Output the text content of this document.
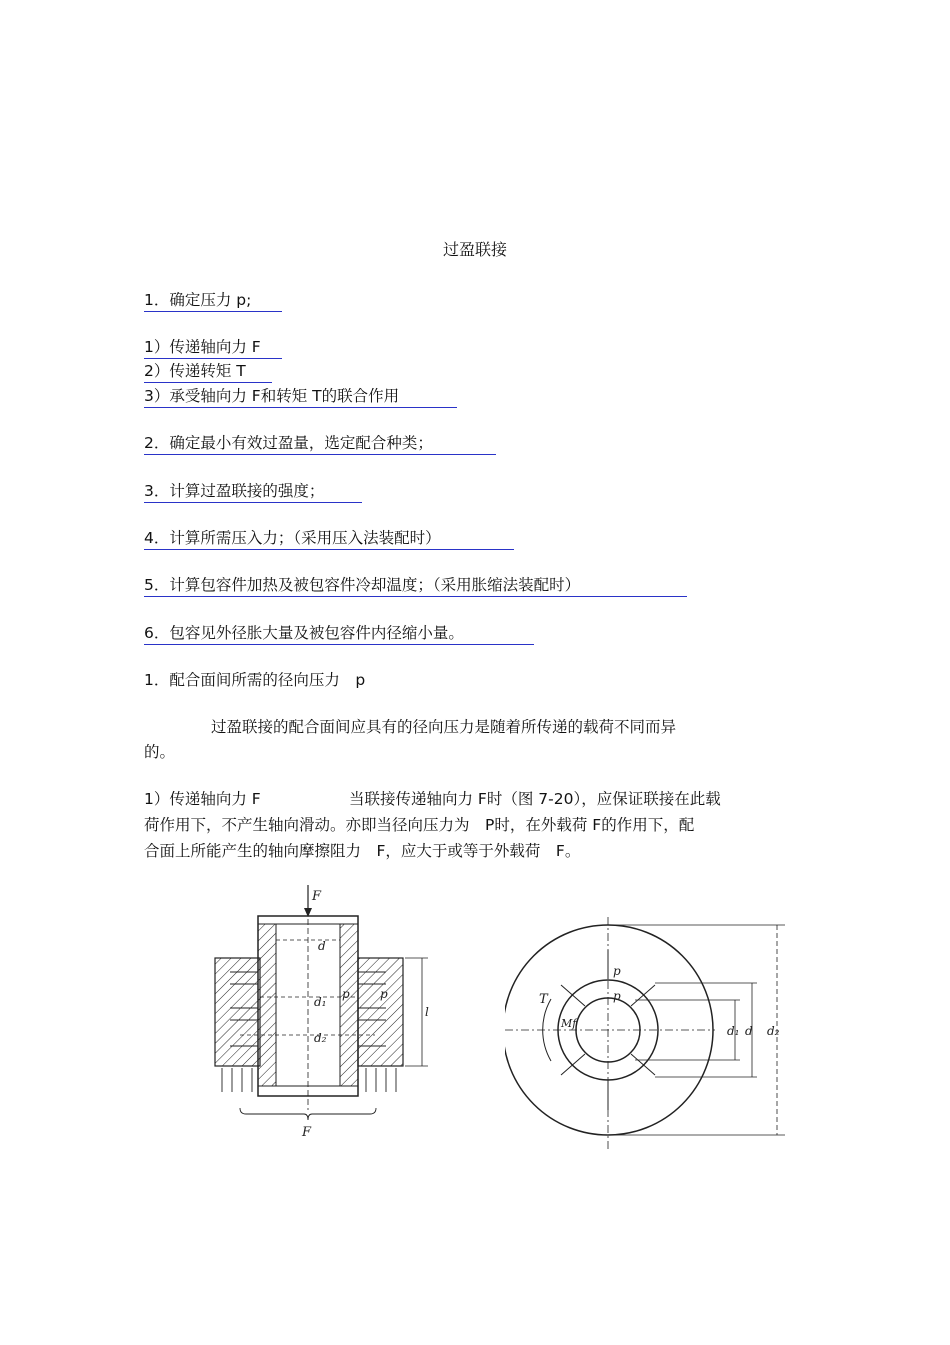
过盈联接
1．确定压力 p;
1）传递轴向力 F
2）传递转矩 T
3）承受轴向力 F和转矩 T的联合作用
2．确定最小有效过盈量，选定配合种类；
3．计算过盈联接的强度；
4．计算所需压入力；（采用压入法装配时）
5．计算包容件加热及被包容件冷却温度；（采用胀缩法装配时）
6．包容见外径胀大量及被包容件内径缩小量。
1．配合面间所需的径向压力　p
过盈联接的配合面间应具有的径向压力是随着所传递的载荷不同而异
的。
1）传递轴向力 F	当联接传递轴向力 F时（图 7-20），应保证联接在此载
荷作用下，不产生轴向滑动。亦即当径向压力为　P时，在外载荷 F的作用下，配
合面上所能产生的轴向摩擦阻力　F，应大于或等于外载荷　F。
F
d
d₁
d₂
p	p
l
F
p
p
T
Mf
d₁ d d₂
